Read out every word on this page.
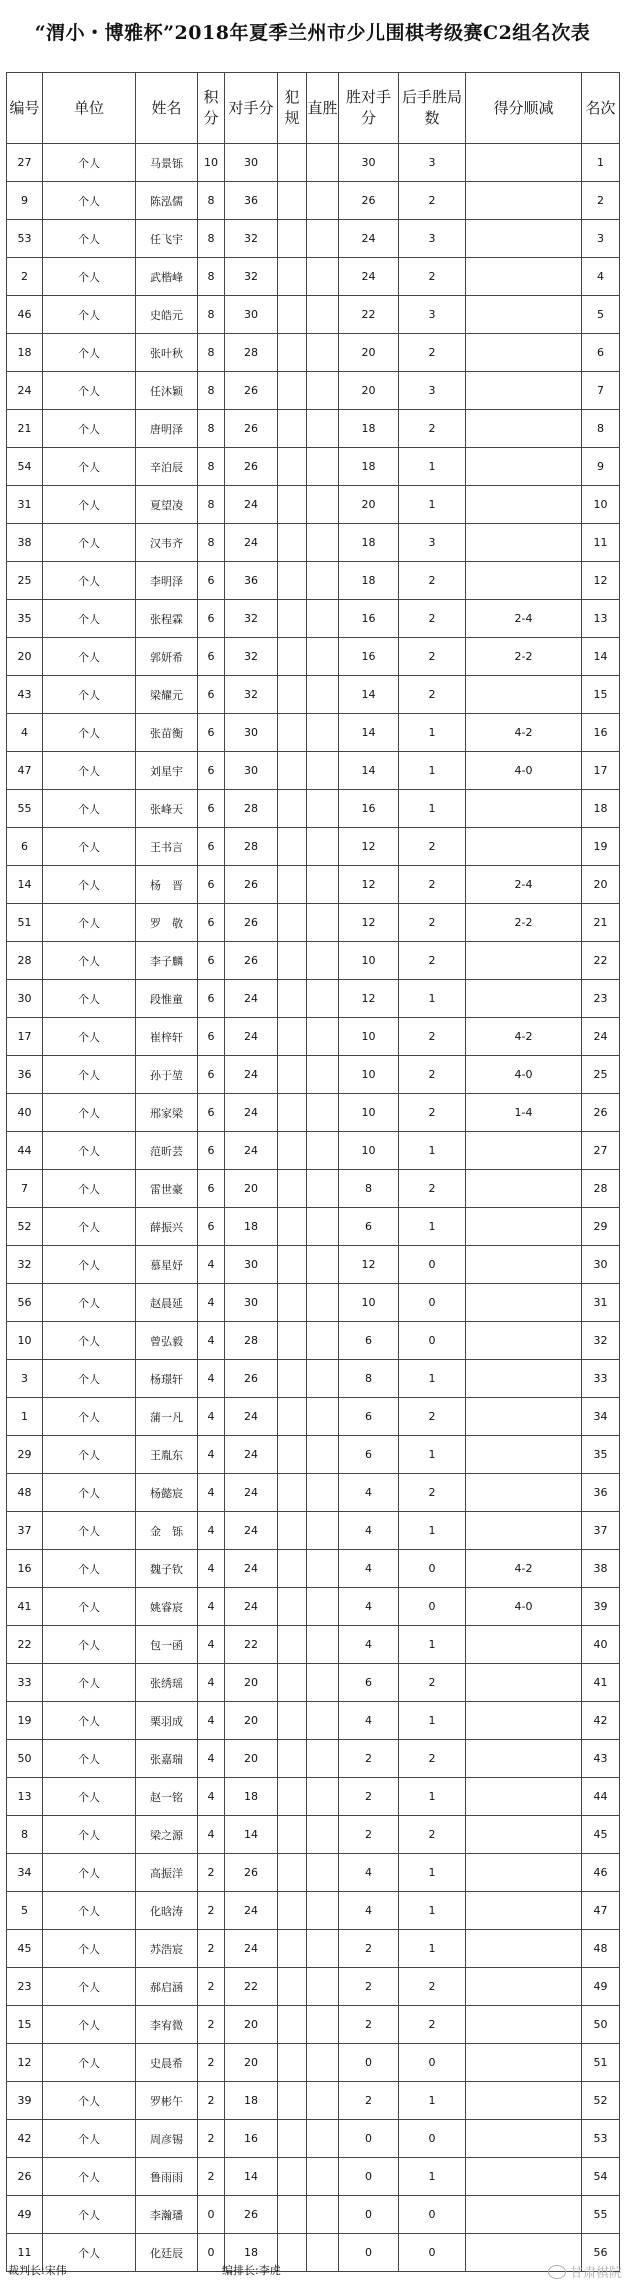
“渭小・博雅杯”2018年夏季兰州市少儿围棋考级赛C2组名次表
编号	单位	姓名	积分	对手分	犯规	直胜	胜对手分	后手胜局数	得分顺减	名次
27	个人	马景铄	10	30			30	3		1
9	个人	陈泓儒	8	36			26	2		2
53	个人	任飞宇	8	32			24	3		3
2	个人	武楷峰	8	32			24	2		4
46	个人	史皓元	8	30			22	3		5
18	个人	张叶秋	8	28			20	2		6
24	个人	任沐颖	8	26			20	3		7
21	个人	唐明泽	8	26			18	2		8
54	个人	辛泊辰	8	26			18	1		9
31	个人	夏望凌	8	24			20	1		10
38	个人	汉韦齐	8	24			18	3		11
25	个人	李明泽	6	36			18	2		12
35	个人	张程霖	6	32			16	2	2-4	13
20	个人	郭妍希	6	32			16	2	2-2	14
43	个人	梁耀元	6	32			14	2		15
4	个人	张苗衡	6	30			14	1	4-2	16
47	个人	刘星宇	6	30			14	1	4-0	17
55	个人	张峰天	6	28			16	1		18
6	个人	王书言	6	28			12	2		19
14	个人	杨　晋	6	26			12	2	2-4	20
51	个人	罗　敬	6	26			12	2	2-2	21
28	个人	李子麟	6	26			10	2		22
30	个人	段惟童	6	24			12	1		23
17	个人	崔梓轩	6	24			10	2	4-2	24
36	个人	孙于堃	6	24			10	2	4-0	25
40	个人	邢家梁	6	24			10	2	1-4	26
44	个人	范昕芸	6	24			10	1		27
7	个人	雷世豪	6	20			8	2		28
52	个人	薛振兴	6	18			6	1		29
32	个人	慕星妤	4	30			12	0		30
56	个人	赵晨延	4	30			10	0		31
10	个人	曾弘毅	4	28			6	0		32
3	个人	杨璟轩	4	26			8	1		33
1	个人	蒲一凡	4	24			6	2		34
29	个人	王胤东	4	24			6	1		35
48	个人	杨懿宸	4	24			4	2		36
37	个人	金　铄	4	24			4	1		37
16	个人	魏子钦	4	24			4	0	4-2	38
41	个人	姚睿宸	4	24			4	0	4-0	39
22	个人	包一函	4	22			4	1		40
33	个人	张绣瑶	4	20			6	2		41
19	个人	栗羽成	4	20			4	1		42
50	个人	张嘉瑞	4	20			2	2		43
13	个人	赵一铭	4	18			2	1		44
8	个人	梁之源	4	14			2	2		45
34	个人	高振洋	2	26			4	1		46
5	个人	化晗涛	2	24			4	1		47
45	个人	苏浩宸	2	24			2	1		48
23	个人	郝启涵	2	22			2	2		49
15	个人	李宥微	2	20			2	2		50
12	个人	史晨希	2	20			0	0		51
39	个人	罗彬午	2	18			2	1		52
42	个人	周彦锡	2	16			0	0		53
26	个人	鲁雨雨	2	14			0	1		54
49	个人	李瀚璠	0	26			0	0		55
11	个人	化廷辰	0	18			0	0		56
裁判长:宋伟	编排长:李虎	甘肃棋院
